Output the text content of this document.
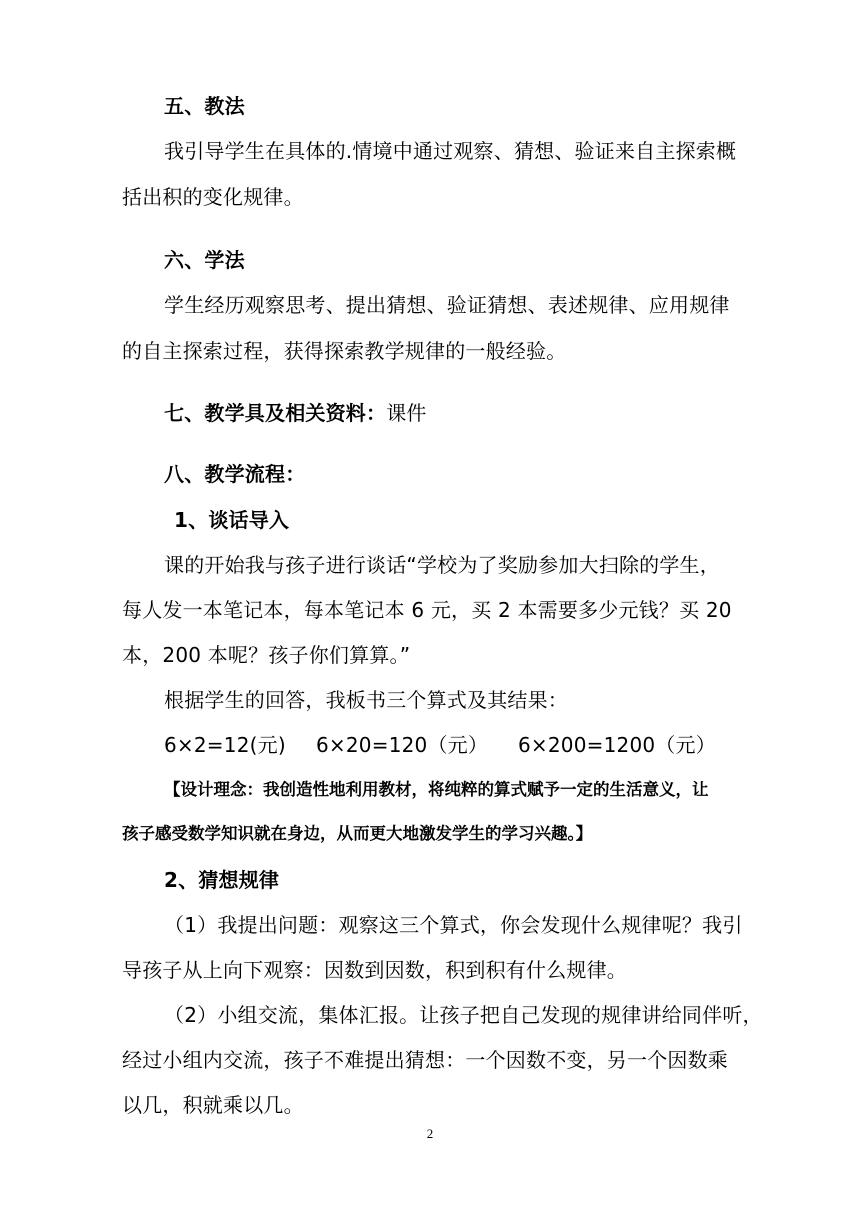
五、教法
我引导学生在具体的.情境中通过观察、猜想、验证来自主探索概
括出积的变化规律。
六、学法
学生经历观察思考、提出猜想、验证猜想、表述规律、应用规律
的自主探索过程，获得探索教学规律的一般经验。
七、教学具及相关资料：课件
八、教学流程：
1、谈话导入
课的开始我与孩子进行谈话“学校为了奖励参加大扫除的学生，
每人发一本笔记本，每本笔记本 6 元，买 2 本需要多少元钱？买 20
本，200 本呢？孩子你们算算。”
根据学生的回答，我板书三个算式及其结果：
6×2=12(元) 6×20=120（元） 6×200=1200（元）
【设计理念：我创造性地利用教材，将纯粹的算式赋予一定的生活意义，让
孩子感受数学知识就在身边，从而更大地激发学生的学习兴趣。】
2、猜想规律
（1）我提出问题：观察这三个算式，你会发现什么规律呢？我引
导孩子从上向下观察：因数到因数，积到积有什么规律。
（2）小组交流，集体汇报。让孩子把自己发现的规律讲给同伴听，
经过小组内交流，孩子不难提出猜想：一个因数不变，另一个因数乘
以几，积就乘以几。
2
